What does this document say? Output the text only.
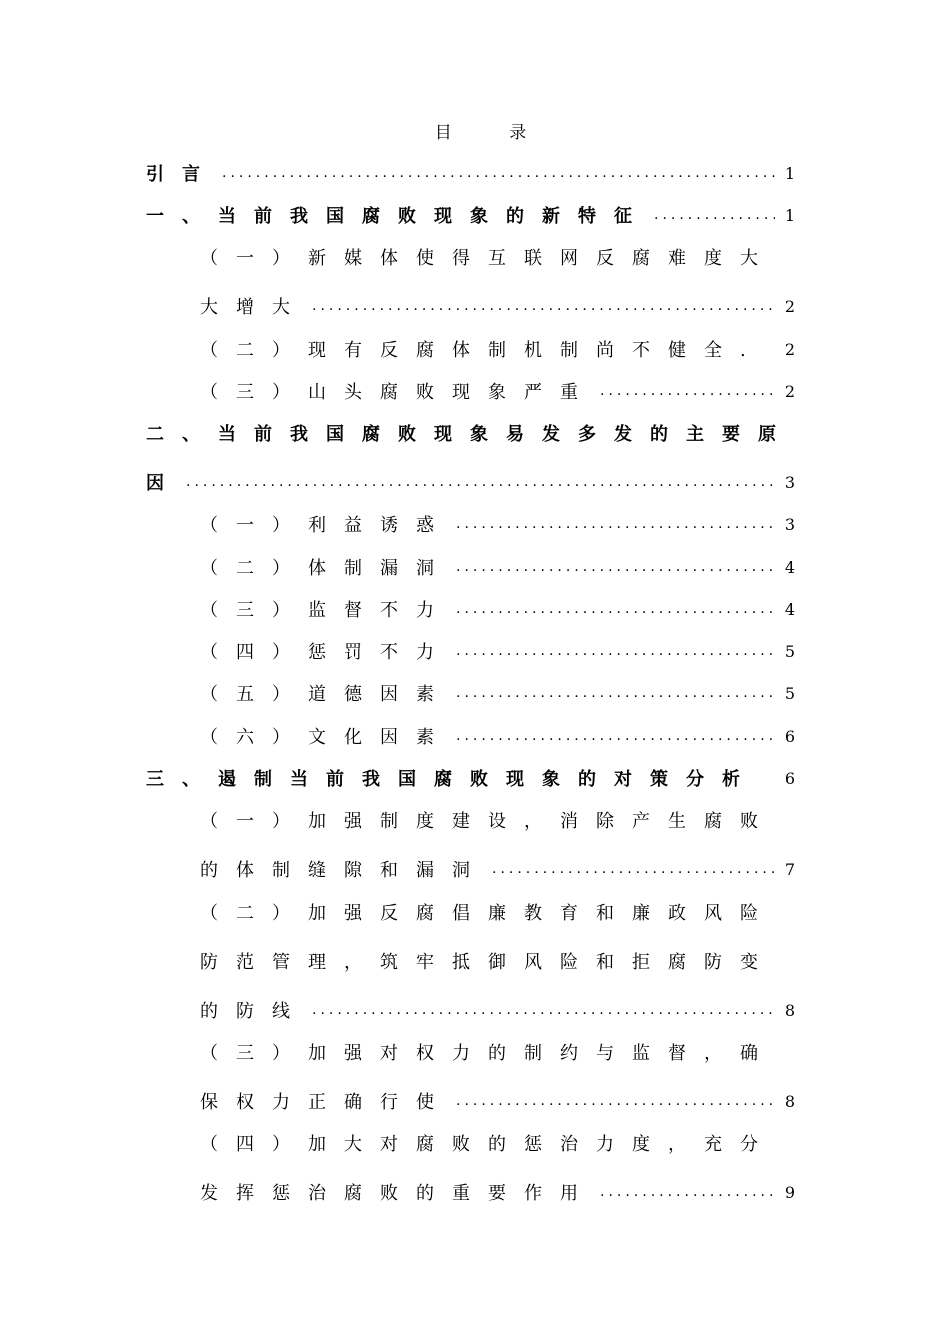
目 录
引言 .....	1
一、当前我国腐败现象的新特征 .....	1
（一）新媒体使得互联网反腐难度大
大增大 .....	2
（二）现有反腐体制机制尚不健全. 2
（三）山头腐败现象严重 .....	2
二、当前我国腐败现象易发多发的主要原
因 .....	3
（一）利益诱惑 .....	3
（二）体制漏洞 .....	4
（三）监督不力 .....	4
（四）惩罚不力 .....	5
（五）道德因素 .....	5
（六）文化因素 .....	6
三、遏制当前我国腐败现象的对策分析 6
（一）加强制度建设，消除产生腐败
的体制缝隙和漏洞 .....	7
（二）加强反腐倡廉教育和廉政风险
防范管理，筑牢抵御风险和拒腐防变
的防线 .....	8
（三）加强对权力的制约与监督，确
保权力正确行使 .....	8
（四）加大对腐败的惩治力度，充分
发挥惩治腐败的重要作用 .....	9
